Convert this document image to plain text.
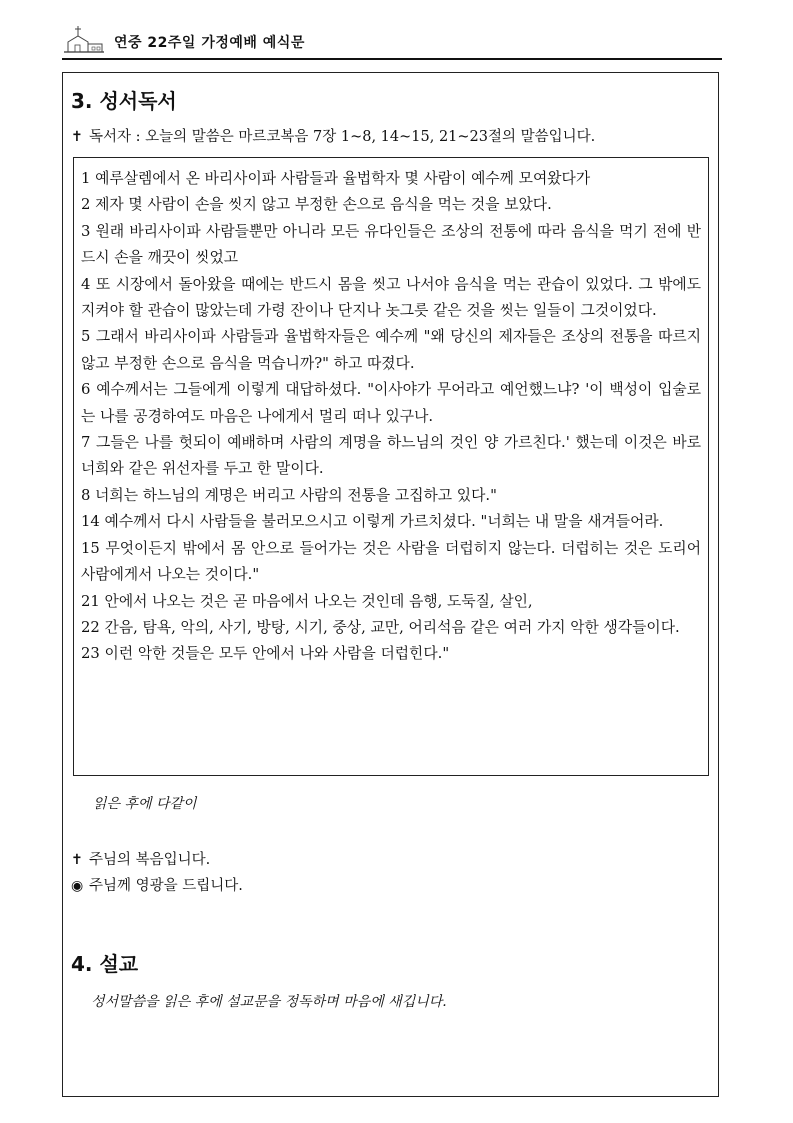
연중 22주일 가정예배 예식문
3. 성서독서
✝ 독서자 : 오늘의 말씀은 마르코복음 7장 1~8, 14~15, 21~23절의 말씀입니다.
1 예루살렘에서 온 바리사이파 사람들과 율법학자 몇 사람이 예수께 모여왔다가
2 제자 몇 사람이 손을 씻지 않고 부정한 손으로 음식을 먹는 것을 보았다.
3 원래 바리사이파 사람들뿐만 아니라 모든 유다인들은 조상의 전통에 따라 음식을 먹기 전에 반드시 손을 깨끗이 씻었고
4 또 시장에서 돌아왔을 때에는 반드시 몸을 씻고 나서야 음식을 먹는 관습이 있었다. 그 밖에도 지켜야 할 관습이 많았는데 가령 잔이나 단지나 놋그릇 같은 것을 씻는 일들이 그것이었다.
5 그래서 바리사이파 사람들과 율법학자들은 예수께 "왜 당신의 제자들은 조상의 전통을 따르지 않고 부정한 손으로 음식을 먹습니까?" 하고 따졌다.
6 예수께서는 그들에게 이렇게 대답하셨다. "이사야가 무어라고 예언했느냐? '이 백성이 입술로는 나를 공경하여도 마음은 나에게서 멀리 떠나 있구나.
7 그들은 나를 헛되이 예배하며 사람의 계명을 하느님의 것인 양 가르친다.' 했는데 이것은 바로 너희와 같은 위선자를 두고 한 말이다.
8 너희는 하느님의 계명은 버리고 사람의 전통을 고집하고 있다."
14 예수께서 다시 사람들을 불러모으시고 이렇게 가르치셨다. "너희는 내 말을 새겨들어라.
15 무엇이든지 밖에서 몸 안으로 들어가는 것은 사람을 더럽히지 않는다. 더럽히는 것은 도리어 사람에게서 나오는 것이다."
21 안에서 나오는 것은 곧 마음에서 나오는 것인데 음행, 도둑질, 살인,
22 간음, 탐욕, 악의, 사기, 방탕, 시기, 중상, 교만, 어리석음 같은 여러 가지 악한 생각들이다.
23 이런 악한 것들은 모두 안에서 나와 사람을 더럽힌다."
읽은 후에 다같이
✝ 주님의 복음입니다.
◉ 주님께 영광을 드립니다.
4. 설교
성서말씀을 읽은 후에 설교문을 정독하며 마음에 새깁니다.
